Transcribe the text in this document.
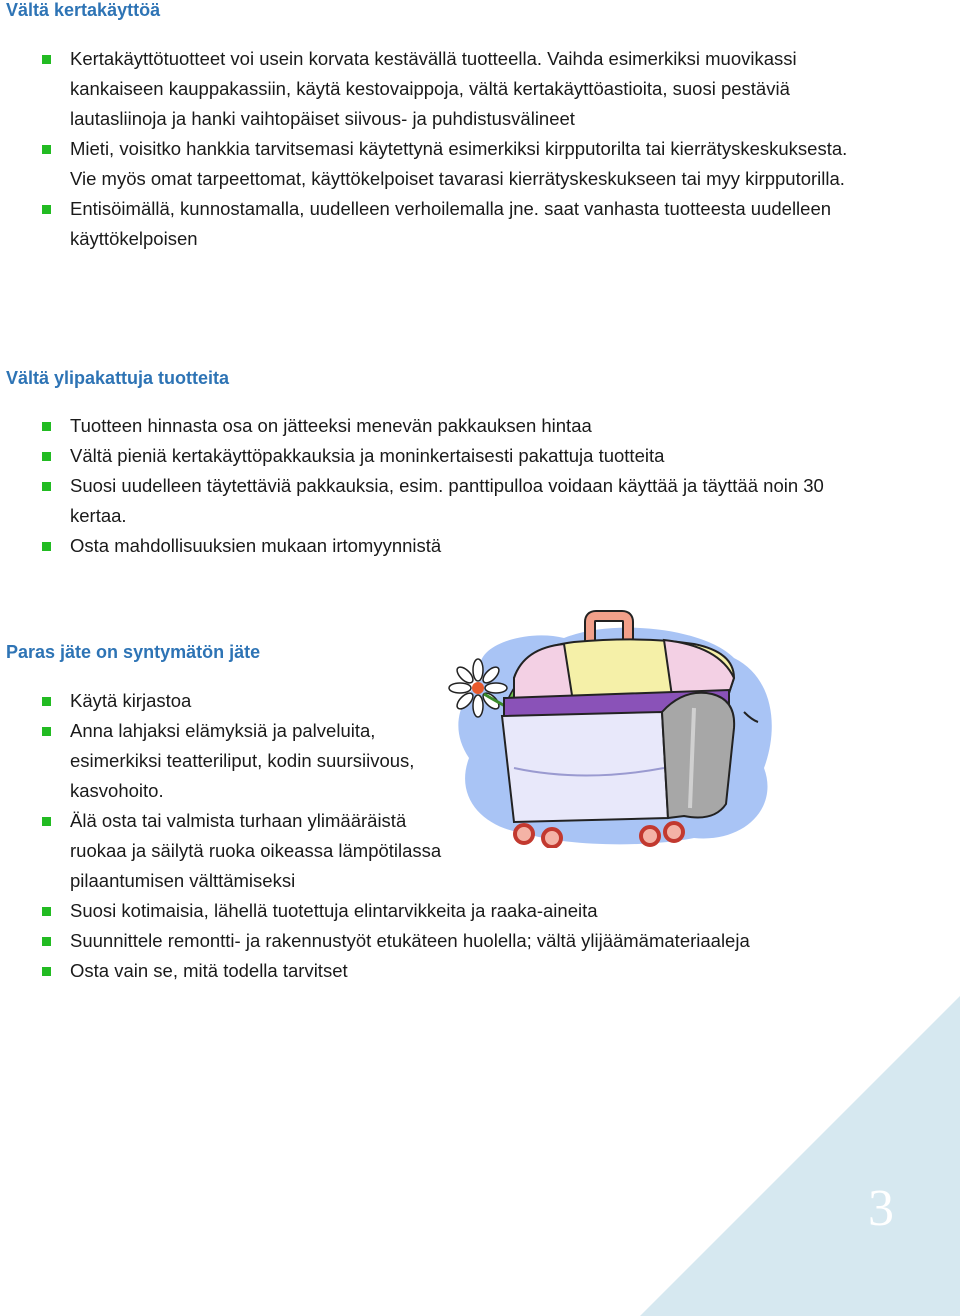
Vältä kertakäyttöä
Kertakäyttötuotteet voi usein korvata kestävällä tuotteella. Vaihda esimerkiksi muovikassi kankaiseen kauppakassiin, käytä kestovaippoja, vältä kertakäyttöastioita, suosi pestäviä lautasliinoja ja hanki vaihtopäiset siivous- ja puhdistusvälineet
Mieti, voisitko hankkia tarvitsemasi käytettynä esimerkiksi kirpputorilta tai kierrätyskeskuksesta. Vie myös omat tarpeettomat, käyttökelpoiset tavarasi kierrätyskeskukseen tai myy kirpputorilla.
Entisöimällä, kunnostamalla, uudelleen verhoilemalla jne. saat vanhasta tuotteesta uudelleen käyttökelpoisen
Vältä ylipakattuja tuotteita
Tuotteen hinnasta osa on jätteeksi menevän pakkauksen hintaa
Vältä pieniä kertakäyttöpakkauksia ja moninkertaisesti pakattuja tuotteita
Suosi uudelleen täytettäviä pakkauksia, esim. panttipulloa voidaan käyttää ja täyttää noin 30 kertaa.
Osta mahdollisuuksien mukaan irtomyynnistä
Paras jäte on syntymätön jäte
Käytä kirjastoa
Anna lahjaksi elämyksiä ja palveluita, esimerkiksi teatteriliput, kodin suursiivous, kasvohoito.
Älä osta tai valmista turhaan ylimääräistä ruokaa ja säilytä ruoka oikeassa lämpötilassa pilaantumisen välttämiseksi
Suosi kotimaisia, lähellä tuotettuja elintarvikkeita ja raaka-aineita
Suunnittele remontti- ja rakennustyöt etukäteen huolella; vältä ylijäämämateriaaleja
Osta vain se, mitä todella tarvitset
3
